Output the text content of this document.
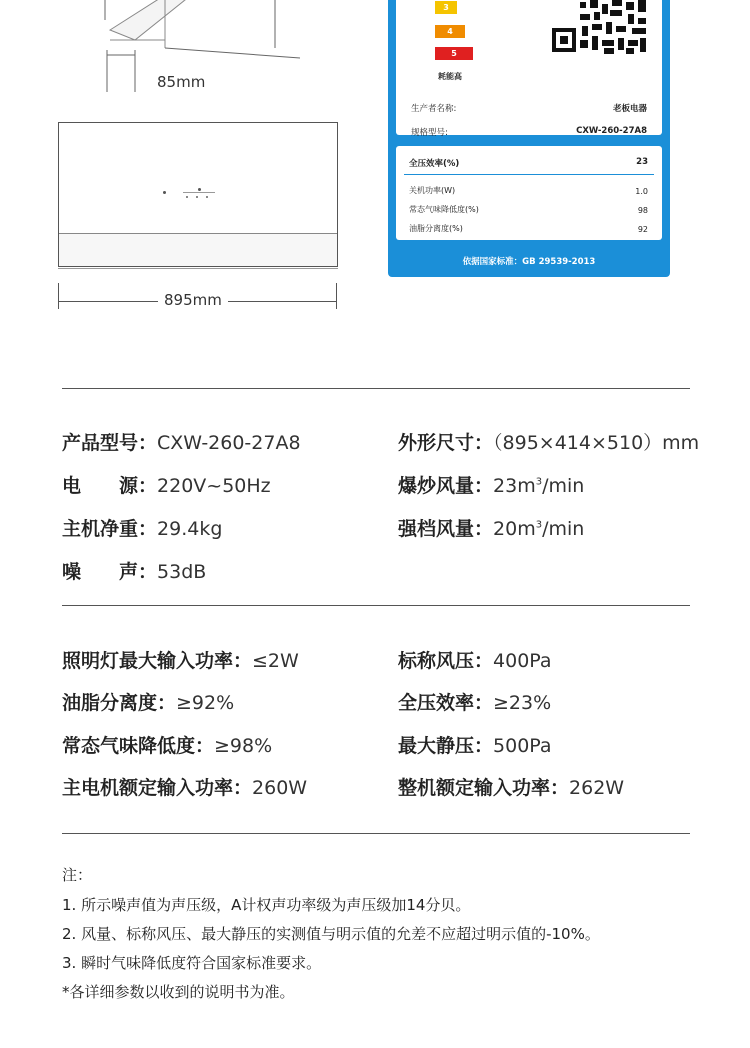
85mm
895mm
3
4
5
耗能高
生产者名称:	老板电器
规格型号:	CXW-260-27A8
全压效率(%)	23
关机功率(W)	1.0
常态气味降低度(%)	98
油脂分离度(%)	92
依据国家标准：GB 29539-2013
产品型号：CXW-260-27A8	外形尺寸：（895×414×510）mm
电　　源：220V~50Hz	爆炒风量：$23m^3/\min$
主机净重：29.4kg	强档风量：$20m^3/\min$
噪　　声：53dB
照明灯最大输入功率：≤2W	标称风压：400Pa
油脂分离度：≥92%	全压效率：≥23%
常态气味降低度：≥98%	最大静压：500Pa
主电机额定输入功率：260W	整机额定输入功率：262W
注：
1. 所示噪声值为声压级，A计权声功率级为声压级加14分贝。
2. 风量、标称风压、最大静压的实测值与明示值的允差不应超过明示值的-10%。
3. 瞬时气味降低度符合国家标准要求。
*各详细参数以收到的说明书为准。
